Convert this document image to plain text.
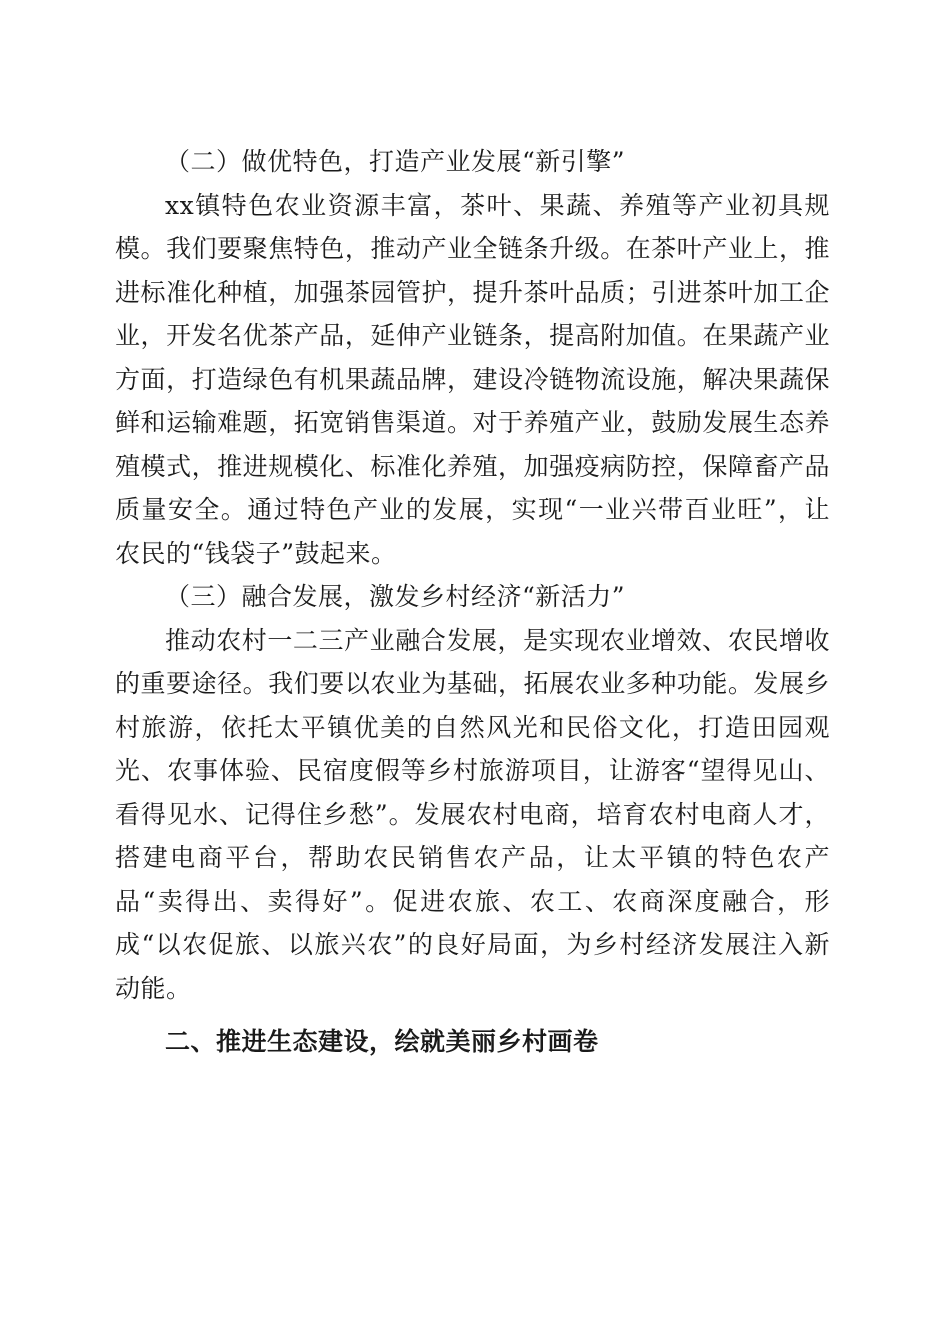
（二）做优特色，打造产业发展“新引擎”

xx镇特色农业资源丰富，茶叶、果蔬、养殖等产业初具规模。我们要聚焦特色，推动产业全链条升级。在茶叶产业上，推进标准化种植，加强茶园管护，提升茶叶品质；引进茶叶加工企业，开发名优茶产品，延伸产业链条，提高附加值。在果蔬产业方面，打造绿色有机果蔬品牌，建设冷链物流设施，解决果蔬保鲜和运输难题，拓宽销售渠道。对于养殖产业，鼓励发展生态养殖模式，推进规模化、标准化养殖，加强疫病防控，保障畜产品质量安全。通过特色产业的发展，实现“一业兴带百业旺”，让农民的“钱袋子”鼓起来。

（三）融合发展，激发乡村经济“新活力”

推动农村一二三产业融合发展，是实现农业增效、农民增收的重要途径。我们要以农业为基础，拓展农业多种功能。发展乡村旅游，依托太平镇优美的自然风光和民俗文化，打造田园观光、农事体验、民宿度假等乡村旅游项目，让游客“望得见山、看得见水、记得住乡愁”。发展农村电商，培育农村电商人才，搭建电商平台，帮助农民销售农产品，让太平镇的特色农产品“卖得出、卖得好”。促进农旅、农工、农商深度融合，形成“以农促旅、以旅兴农”的良好局面，为乡村经济发展注入新动能。

二、推进生态建设，绘就美丽乡村画卷
